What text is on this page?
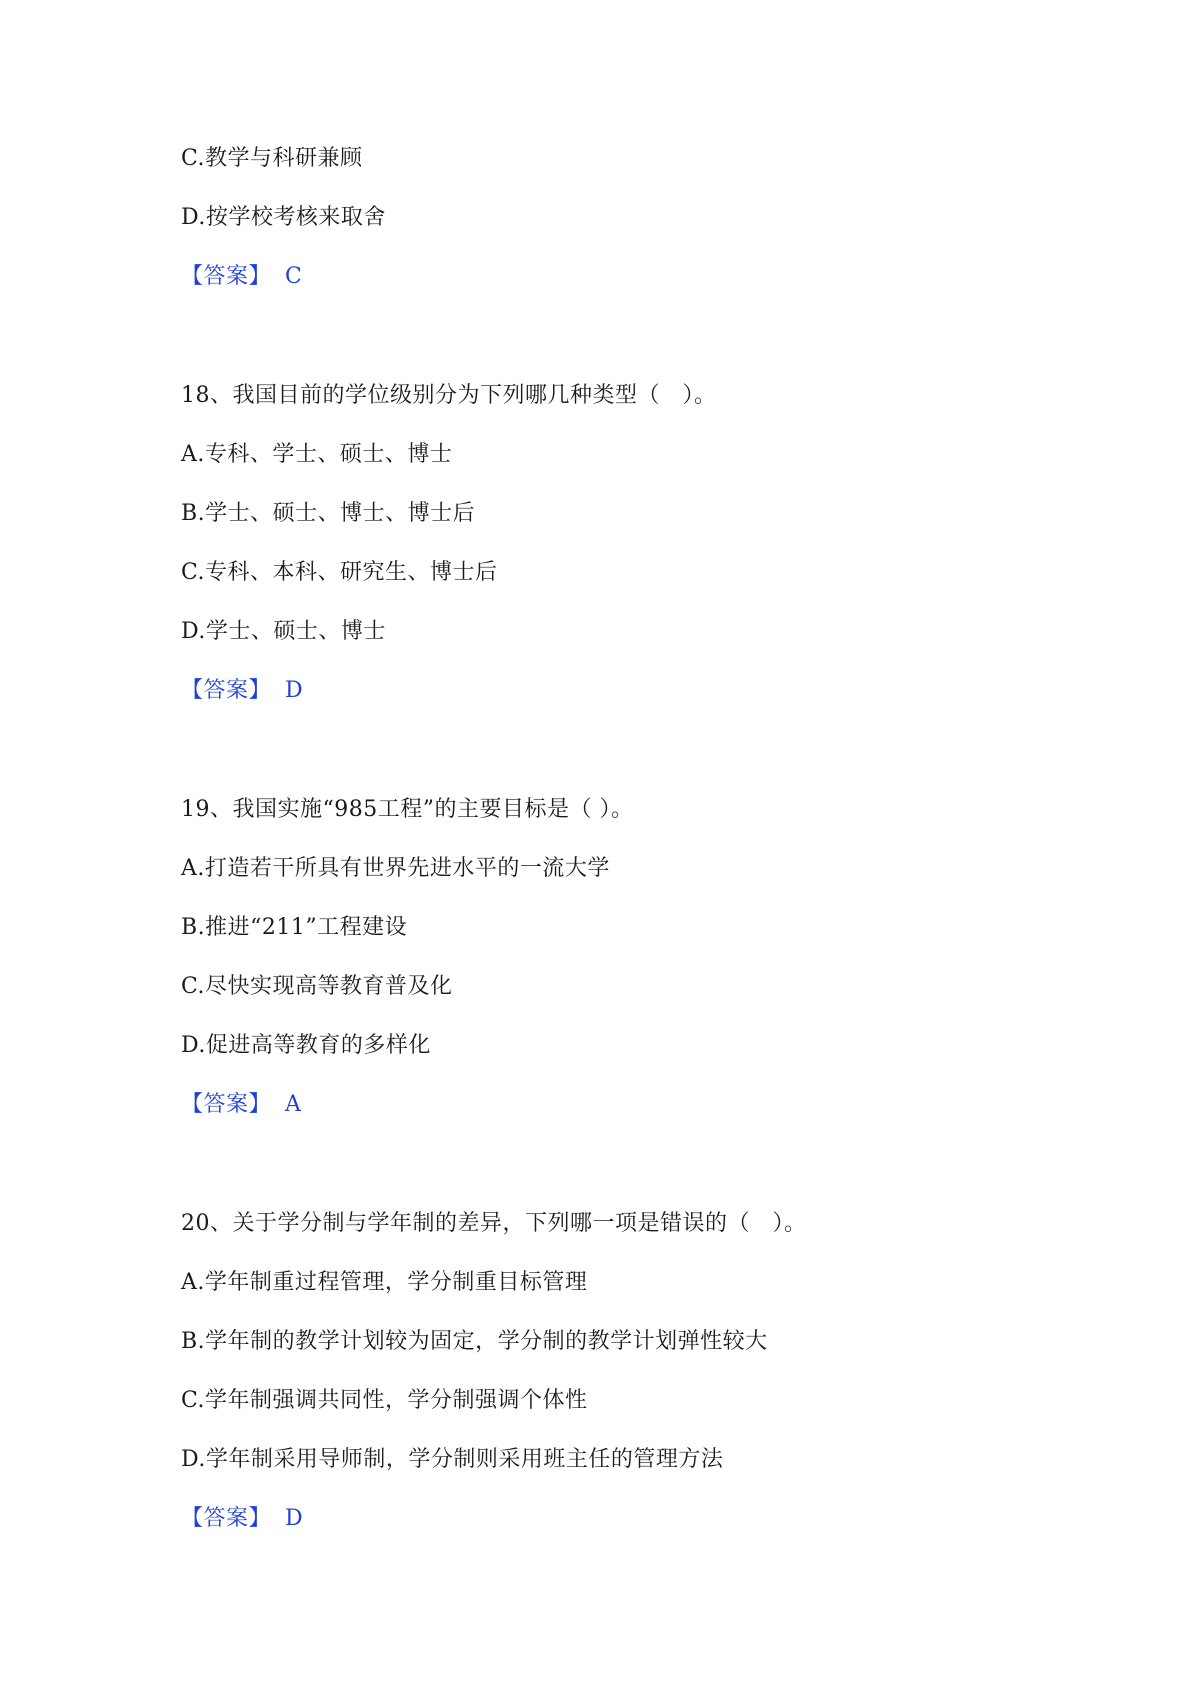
C.教学与科研兼顾
D.按学校考核来取舍
【答案】 C
18、我国目前的学位级别分为下列哪几种类型（　）。
A.专科、学士、硕士、博士
B.学士、硕士、博士、博士后
C.专科、本科、研究生、博士后
D.学士、硕士、博士
【答案】 D
19、我国实施“985工程”的主要目标是（ ）。
A.打造若干所具有世界先进水平的一流大学
B.推进“211”工程建设
C.尽快实现高等教育普及化
D.促进高等教育的多样化
【答案】 A
20、关于学分制与学年制的差异，下列哪一项是错误的（　）。
A.学年制重过程管理，学分制重目标管理
B.学年制的教学计划较为固定，学分制的教学计划弹性较大
C.学年制强调共同性，学分制强调个体性
D.学年制采用导师制，学分制则采用班主任的管理方法
【答案】 D
